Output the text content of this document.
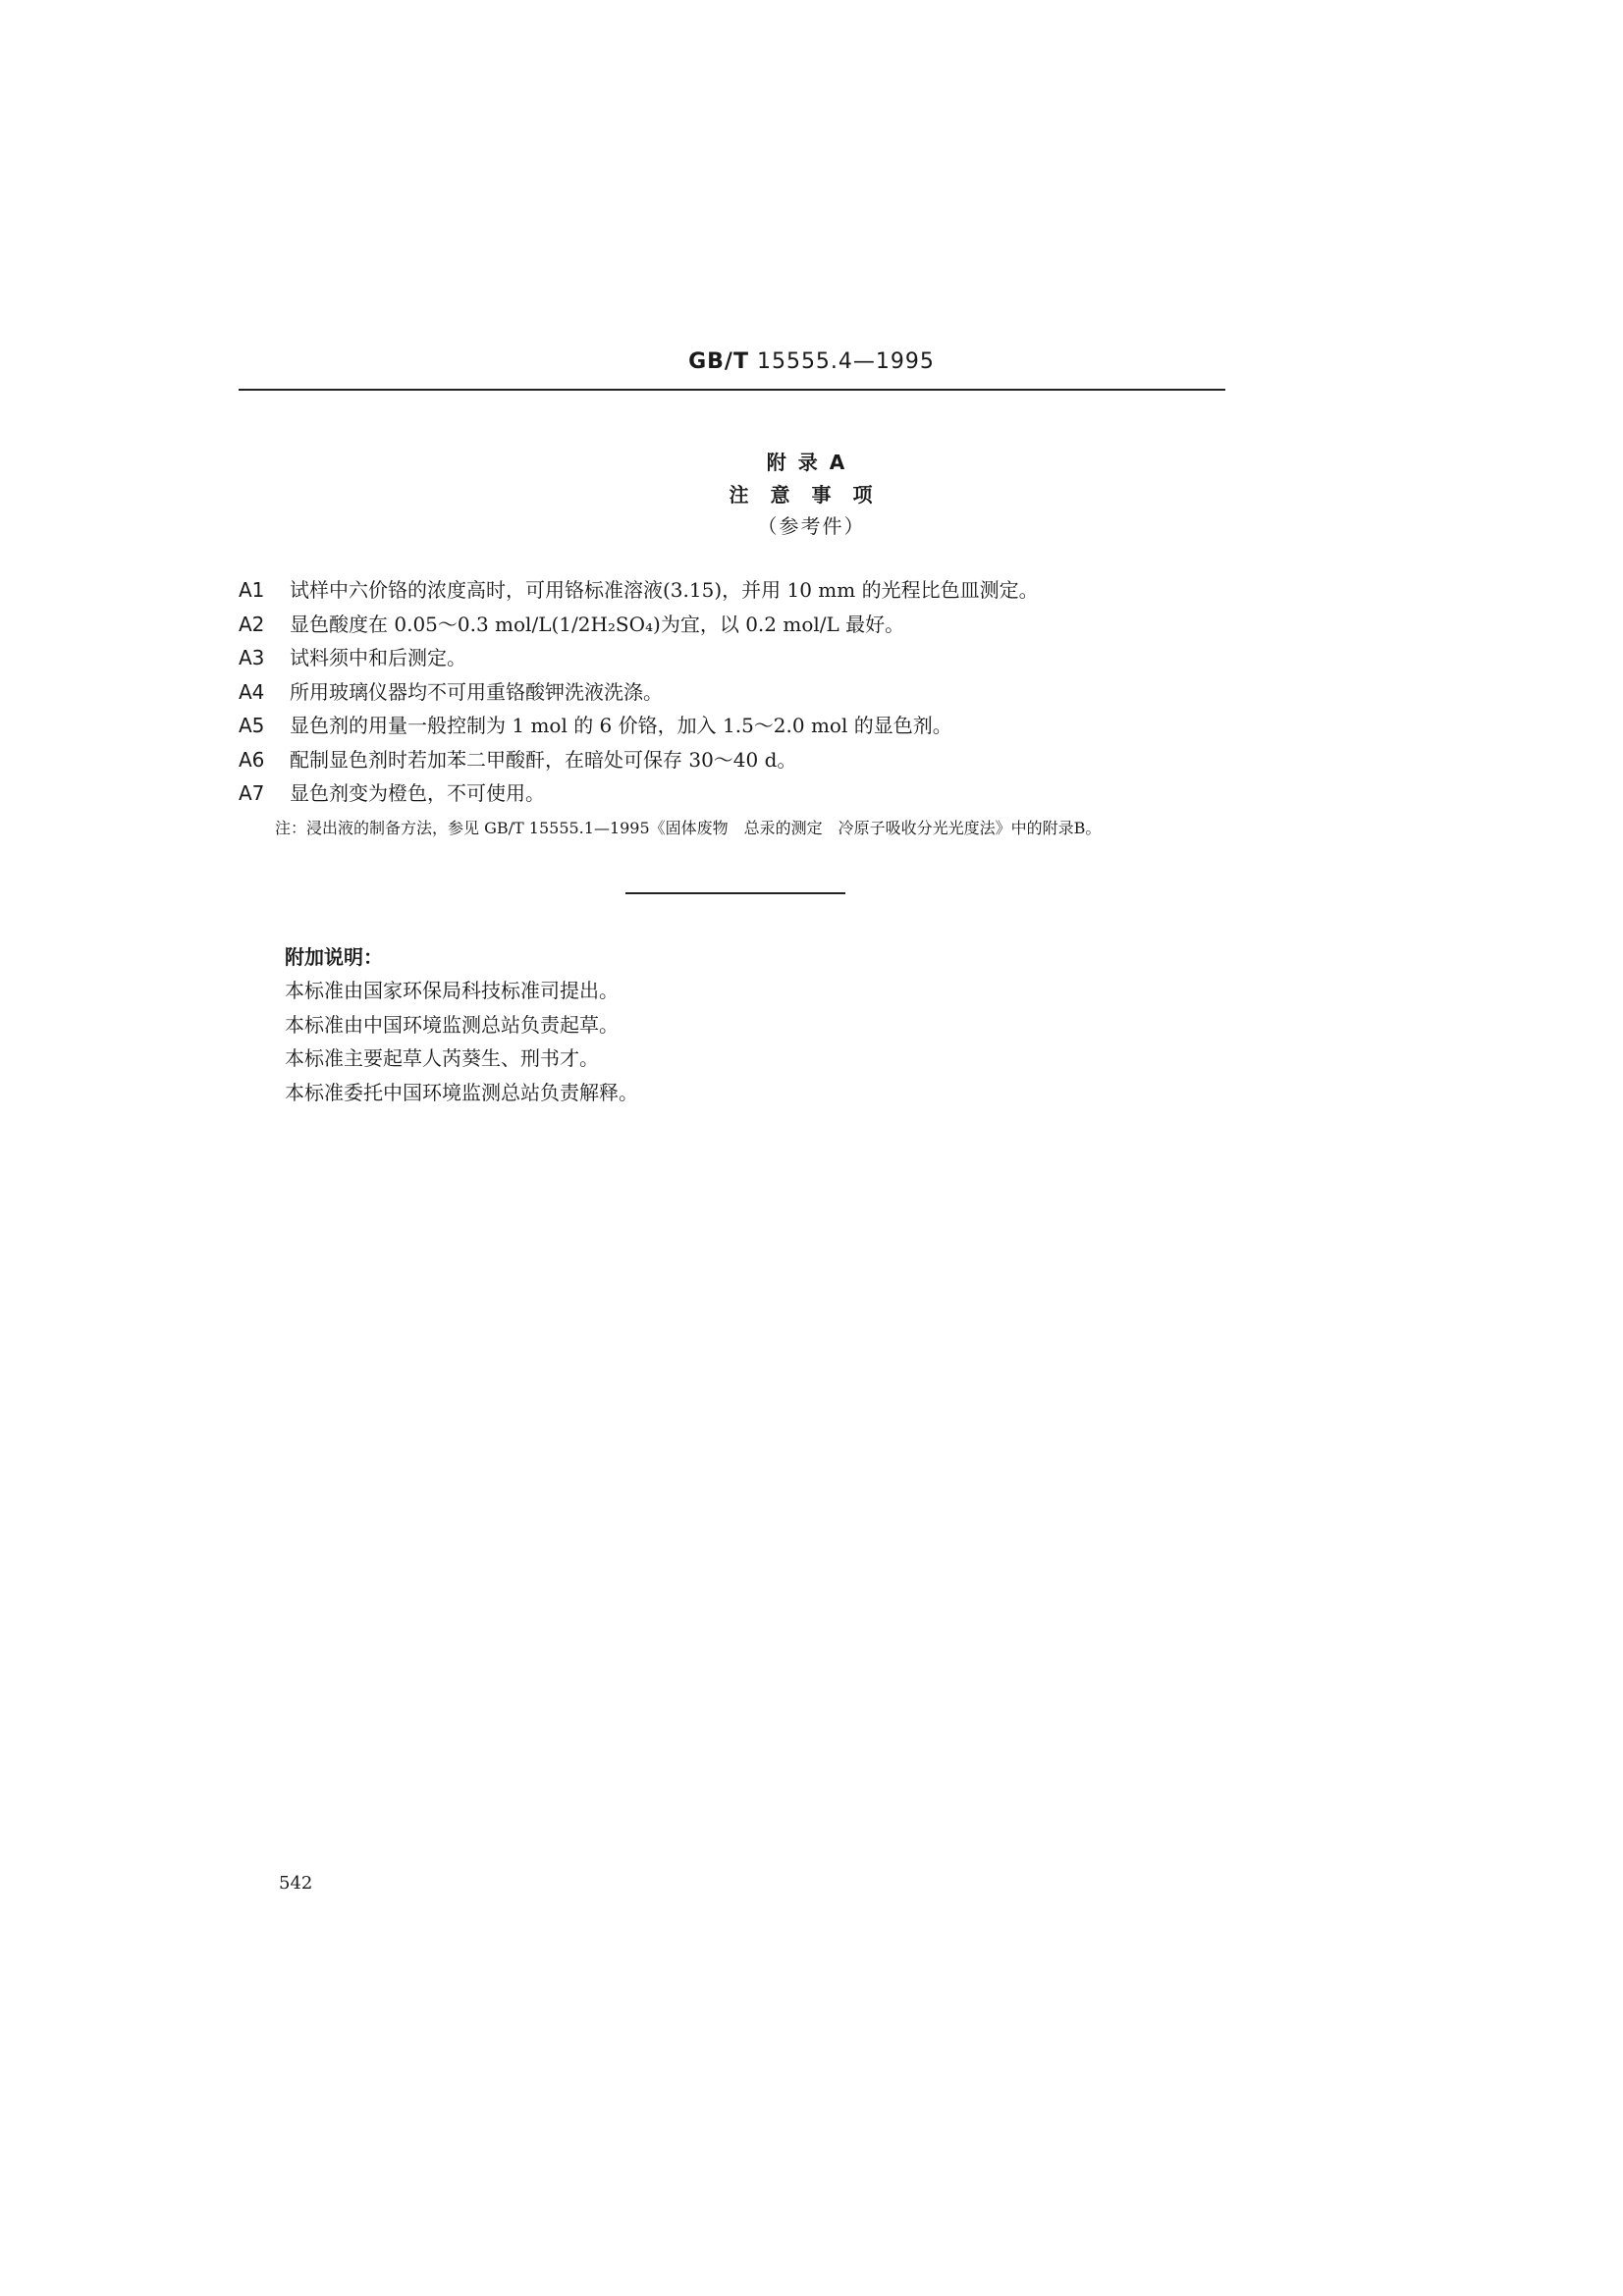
GB/T 15555.4—1995
附录A
注意事项
（参考件）
A1 试样中六价铬的浓度高时，可用铬标准溶液(3.15)，并用 10 mm 的光程比色皿测定。
A2 显色酸度在 0.05～0.3 mol/L(1/2H₂SO₄)为宜，以 0.2 mol/L 最好。
A3 试料须中和后测定。
A4 所用玻璃仪器均不可用重铬酸钾洗液洗涤。
A5 显色剂的用量一般控制为 1 mol 的 6 价铬，加入 1.5～2.0 mol 的显色剂。
A6 配制显色剂时若加苯二甲酸酐，在暗处可保存 30～40 d。
A7 显色剂变为橙色，不可使用。
注：浸出液的制备方法，参见 GB/T 15555.1—1995《固体废物　总汞的测定　冷原子吸收分光光度法》中的附录B。
附加说明：
本标准由国家环保局科技标准司提出。
本标准由中国环境监测总站负责起草。
本标准主要起草人芮葵生、刑书才。
本标准委托中国环境监测总站负责解释。
542
